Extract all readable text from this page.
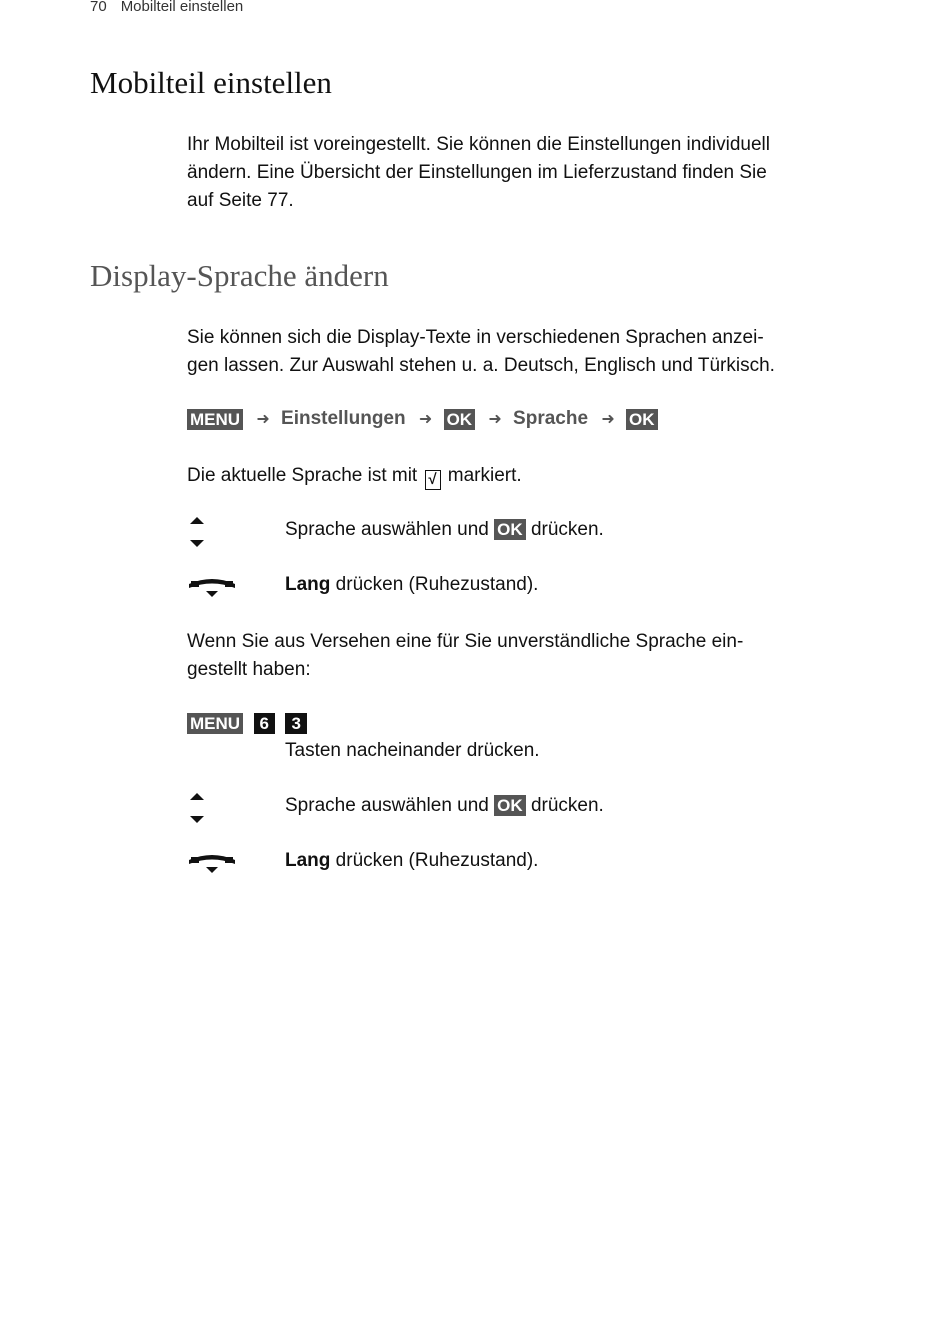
70 Mobilteil einstellen
Mobilteil einstellen
Ihr Mobilteil ist voreingestellt. Sie können die Einstellungen individuell
ändern. Eine Übersicht der Einstellungen im Lieferzustand finden Sie
auf Seite 77.
Display-Sprache ändern
Sie können sich die Display-Texte in verschiedenen Sprachen anzei-
gen lassen. Zur Auswahl stehen u. a. Deutsch, Englisch und Türkisch.
MENU ➜ Einstellungen ➜ OK ➜ Sprache ➜ OK
Die aktuelle Sprache ist mit √ markiert.
Sprache auswählen und OK drücken.
Lang drücken (Ruhezustand).
Wenn Sie aus Versehen eine für Sie unverständliche Sprache ein-
gestellt haben:
MENU 6 3
Tasten nacheinander drücken.
Sprache auswählen und OK drücken.
Lang drücken (Ruhezustand).
